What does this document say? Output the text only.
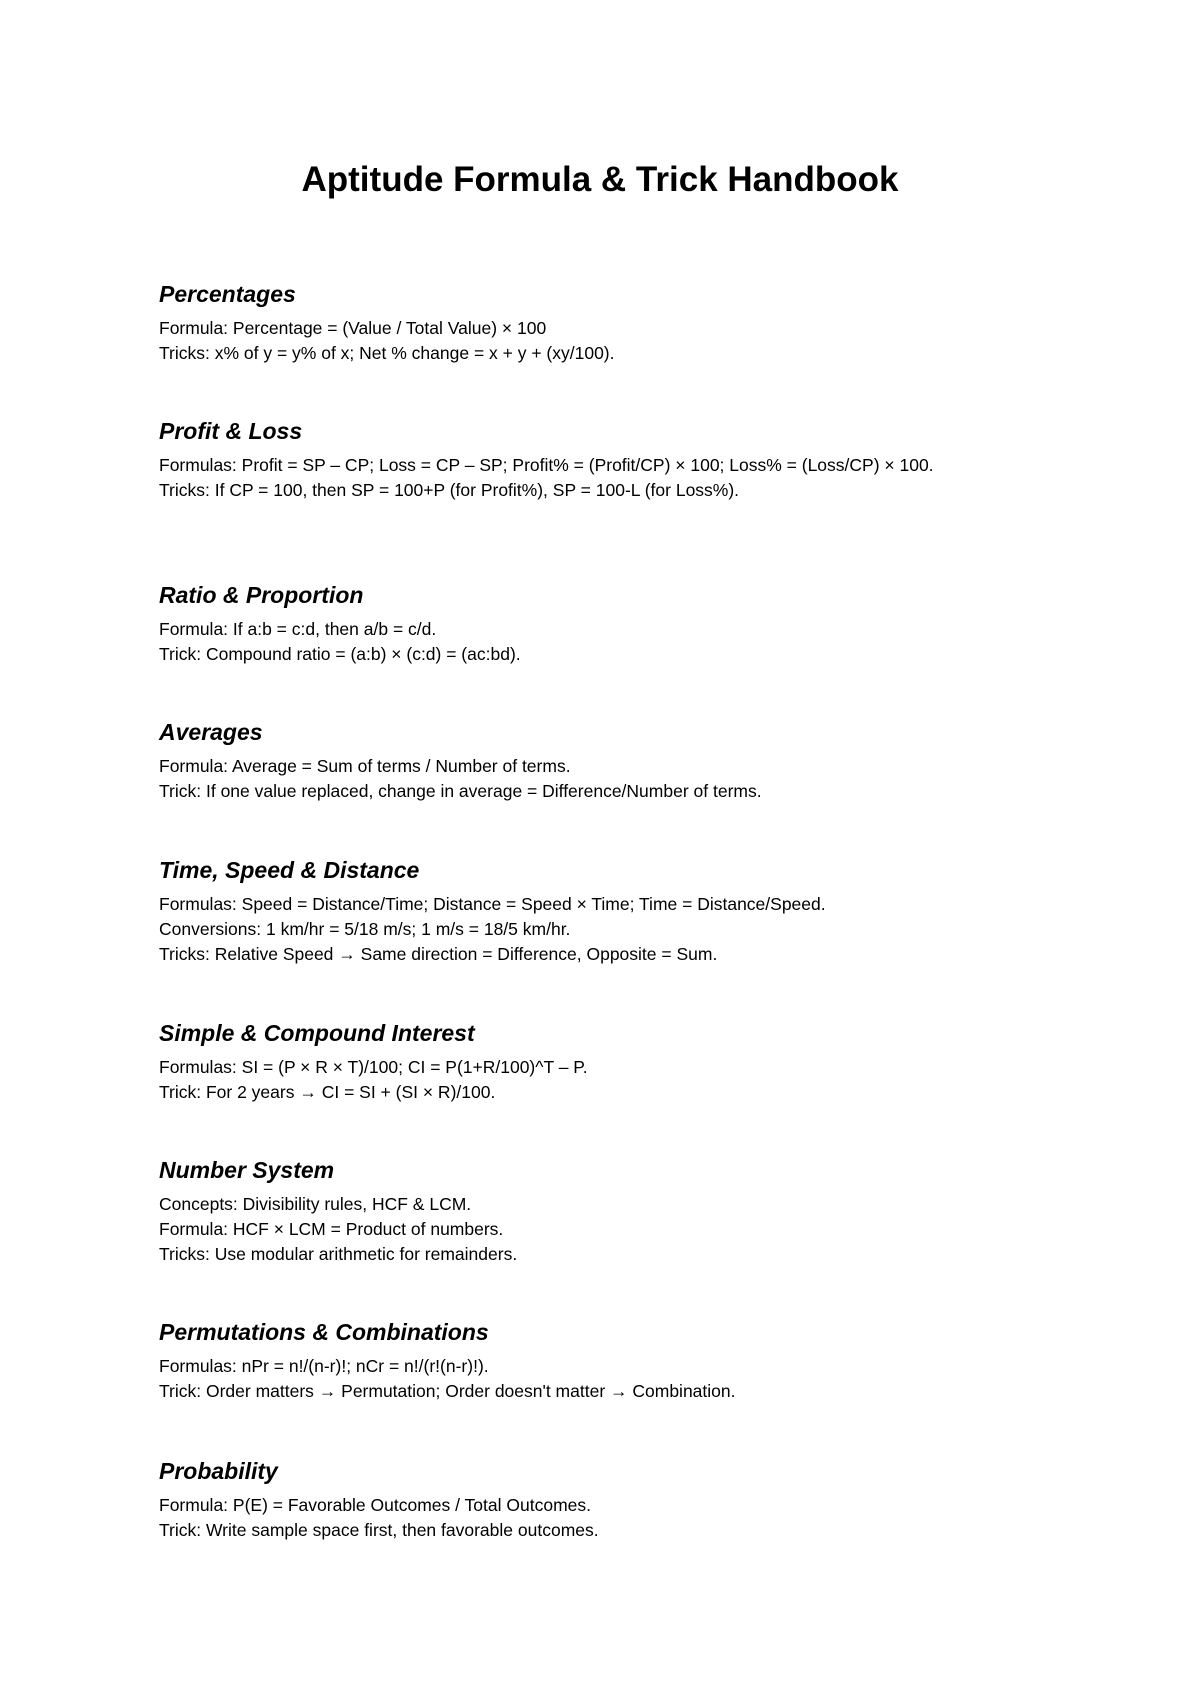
Aptitude Formula & Trick Handbook
Percentages

Formula: Percentage = (Value / Total Value) × 100

Tricks: x% of y = y% of x; Net % change = x + y + (xy/100).

Profit & Loss

Formulas: Profit = SP – CP; Loss = CP – SP; Profit% = (Profit/CP) × 100; Loss% = (Loss/CP) × 100.

Tricks: If CP = 100, then SP = 100+P (for Profit%), SP = 100-L (for Loss%).

Ratio & Proportion

Formula: If a:b = c:d, then a/b = c/d.

Trick: Compound ratio = (a:b) × (c:d) = (ac:bd).

Averages

Formula: Average = Sum of terms / Number of terms.

Trick: If one value replaced, change in average = Difference/Number of terms.

Time, Speed & Distance

Formulas: Speed = Distance/Time; Distance = Speed × Time; Time = Distance/Speed.

Conversions: 1 km/hr = 5/18 m/s; 1 m/s = 18/5 km/hr.

Tricks: Relative Speed → Same direction = Difference, Opposite = Sum.

Simple & Compound Interest

Formulas: SI = (P × R × T)/100; CI = P(1+R/100)^T – P.

Trick: For 2 years → CI = SI + (SI × R)/100.

Number System

Concepts: Divisibility rules, HCF & LCM.

Formula: HCF × LCM = Product of numbers.

Tricks: Use modular arithmetic for remainders.

Permutations & Combinations

Formulas: nPr = n!/(n-r)!; nCr = n!/(r!(n-r)!).

Trick: Order matters → Permutation; Order doesn't matter → Combination.

Probability

Formula: P(E) = Favorable Outcomes / Total Outcomes.

Trick: Write sample space first, then favorable outcomes.
